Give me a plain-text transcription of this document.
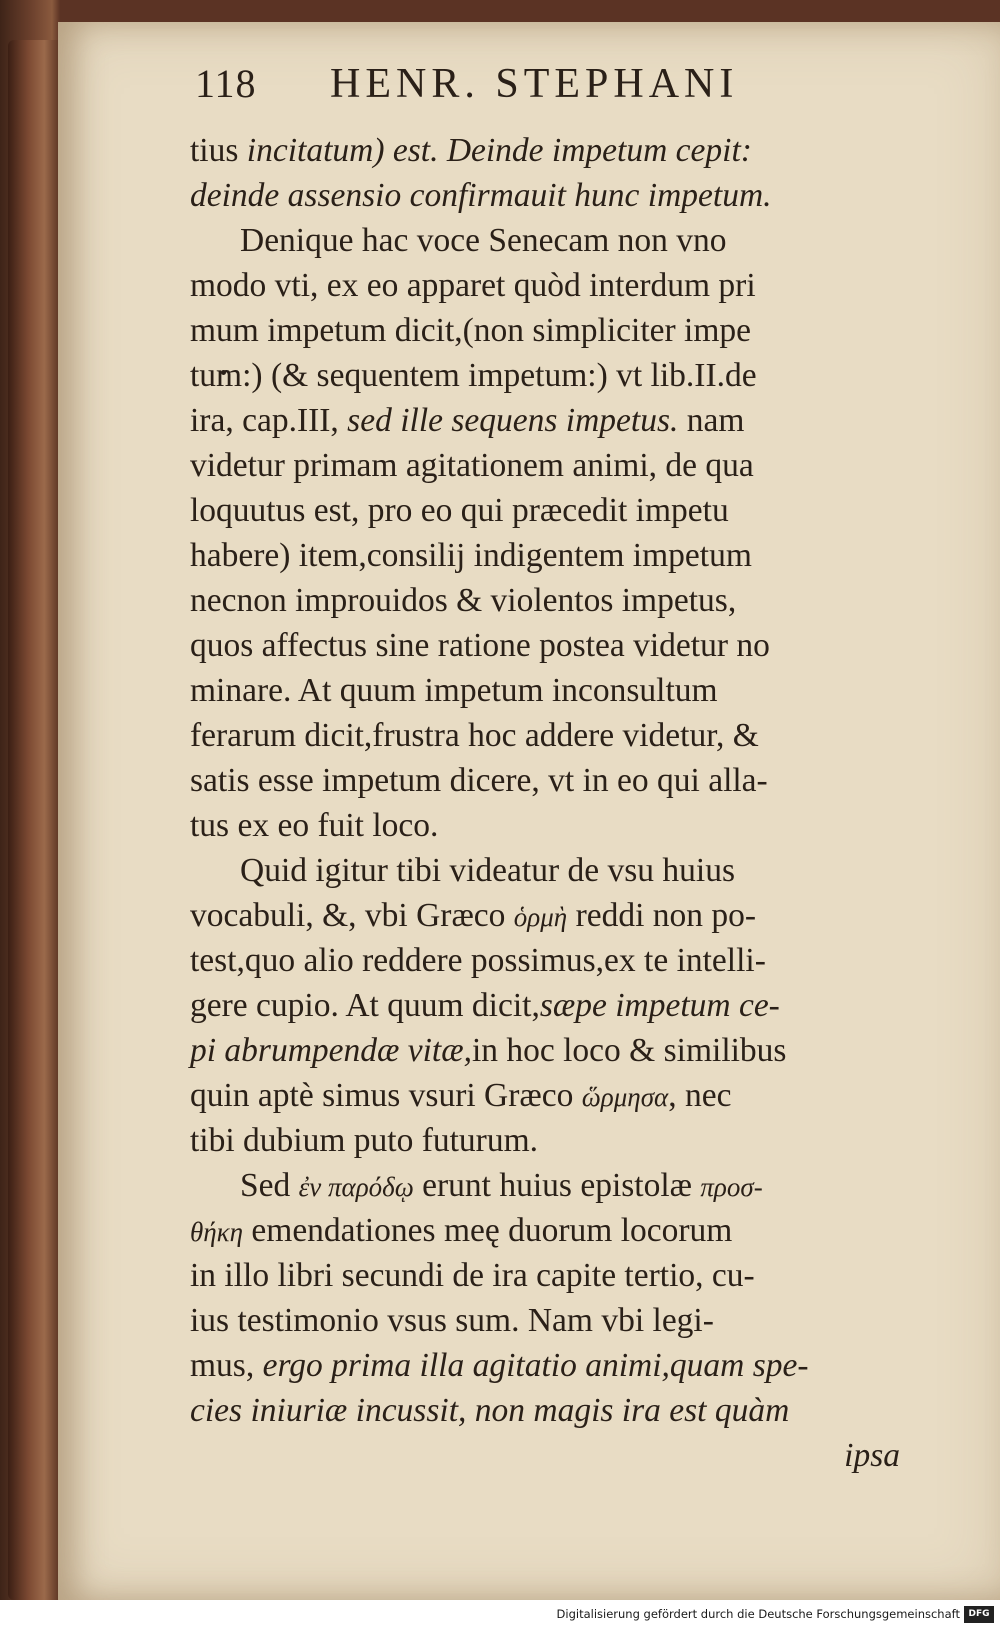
118 HENR. STEPHANI
tius incitatum) est. Deinde impetum cepit:
deinde assensio confirmauit hunc impetum.
Denique hac voce Senecam non vno
modo vti, ex eo apparet quòd interdum pri
mum impetum dicit,(non simpliciter impe
tum:) (& sequentem impetum:) vt lib.II.de
ira, cap.III, sed ille sequens impetus. nam
videtur primam agitationem animi, de qua
loquutus est, pro eo qui præcedit impetu
habere) item,consilij indigentem impetum
necnon improuidos & violentos impetus,
quos affectus sine ratione postea videtur no
minare. At quum impetum inconsultum
ferarum dicit,frustra hoc addere videtur, &
satis esse impetum dicere, vt in eo qui alla-
tus ex eo fuit loco.
Quid igitur tibi videatur de vsu huius
vocabuli, &, vbi Græco ὁρμὴ reddi non po-
test,quo alio reddere possimus,ex te intelli-
gere cupio. At quum dicit,sæpe impetum ce-
pi abrumpendæ vitæ,in hoc loco & similibus
quin aptè simus vsuri Græco ὥρμησα, nec
tibi dubium puto futurum.
Sed ἐν παρόδῳ erunt huius epistolæ προσ-
θήκη emendationes meę duorum locorum
in illo libri secundi de ira capite tertio, cu-
ius testimonio vsus sum. Nam vbi legi-
mus, ergo prima illa agitatio animi,quam spe-
cies iniuriæ incussit, non magis ira est quàm
ipsa
Digitalisierung gefördert durch die Deutsche Forschungsgemeinschaft DFG
